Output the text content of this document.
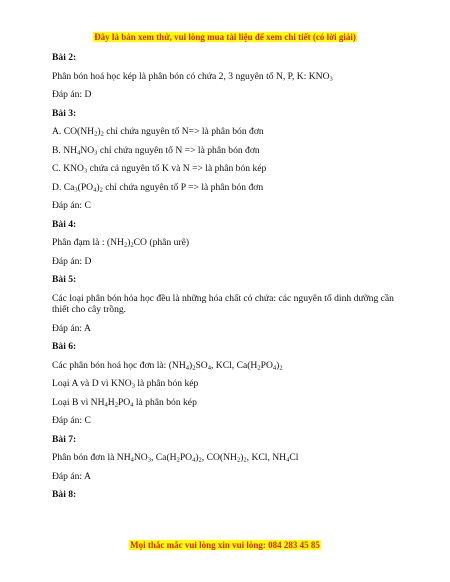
Đây là bản xem thử, vui lòng mua tài liệu để xem chi tiết (có lời giải)

Bài 2:

Phân bón hoá học kép là phân bón có chứa 2, 3 nguyên tố N, P, K: $KNO_3$

Đáp án: D

Bài 3:

A. $CO(NH_2)_2$ chỉ chứa nguyên tố N=> là phân bón đơn

B. $NH_4NO_3$ chỉ chứa nguyên tố N => là phân bón đơn

C. $KNO_3$ chứa cả nguyên tố K và N => là phân bón kép

D. $Ca_3(PO_4)_2$ chỉ chứa nguyên tố P => là phân bón đơn

Đáp án: C

Bài 4:

Phân đạm là : $(NH_2)_2CO$ (phân urê)

Đáp án: D

Bài 5:

Các loại phân bón hóa học đều là những hóa chất có chứa: các nguyên tố dinh dưỡng cần thiết cho cây trồng.

Đáp án: A

Bài 6:

Các phân bón hoá học đơn là: $(NH_4)_2SO_4$, KCl, $Ca(H_2PO_4)_2$

Loại A và D vì $KNO_3$ là phân bón kép

Loại B vì $NH_4H_2PO_4$ là phân bón kép

Đáp án: C

Bài 7:

Phân bón đơn là $NH_4NO_3$, $Ca(H_2PO_4)_2$, $CO(NH_2)_2$, KCl, $NH_4Cl$

Đáp án: A

Bài 8:

Mọi thắc mắc vui lòng xin vui lòng: 084 283 45 85
